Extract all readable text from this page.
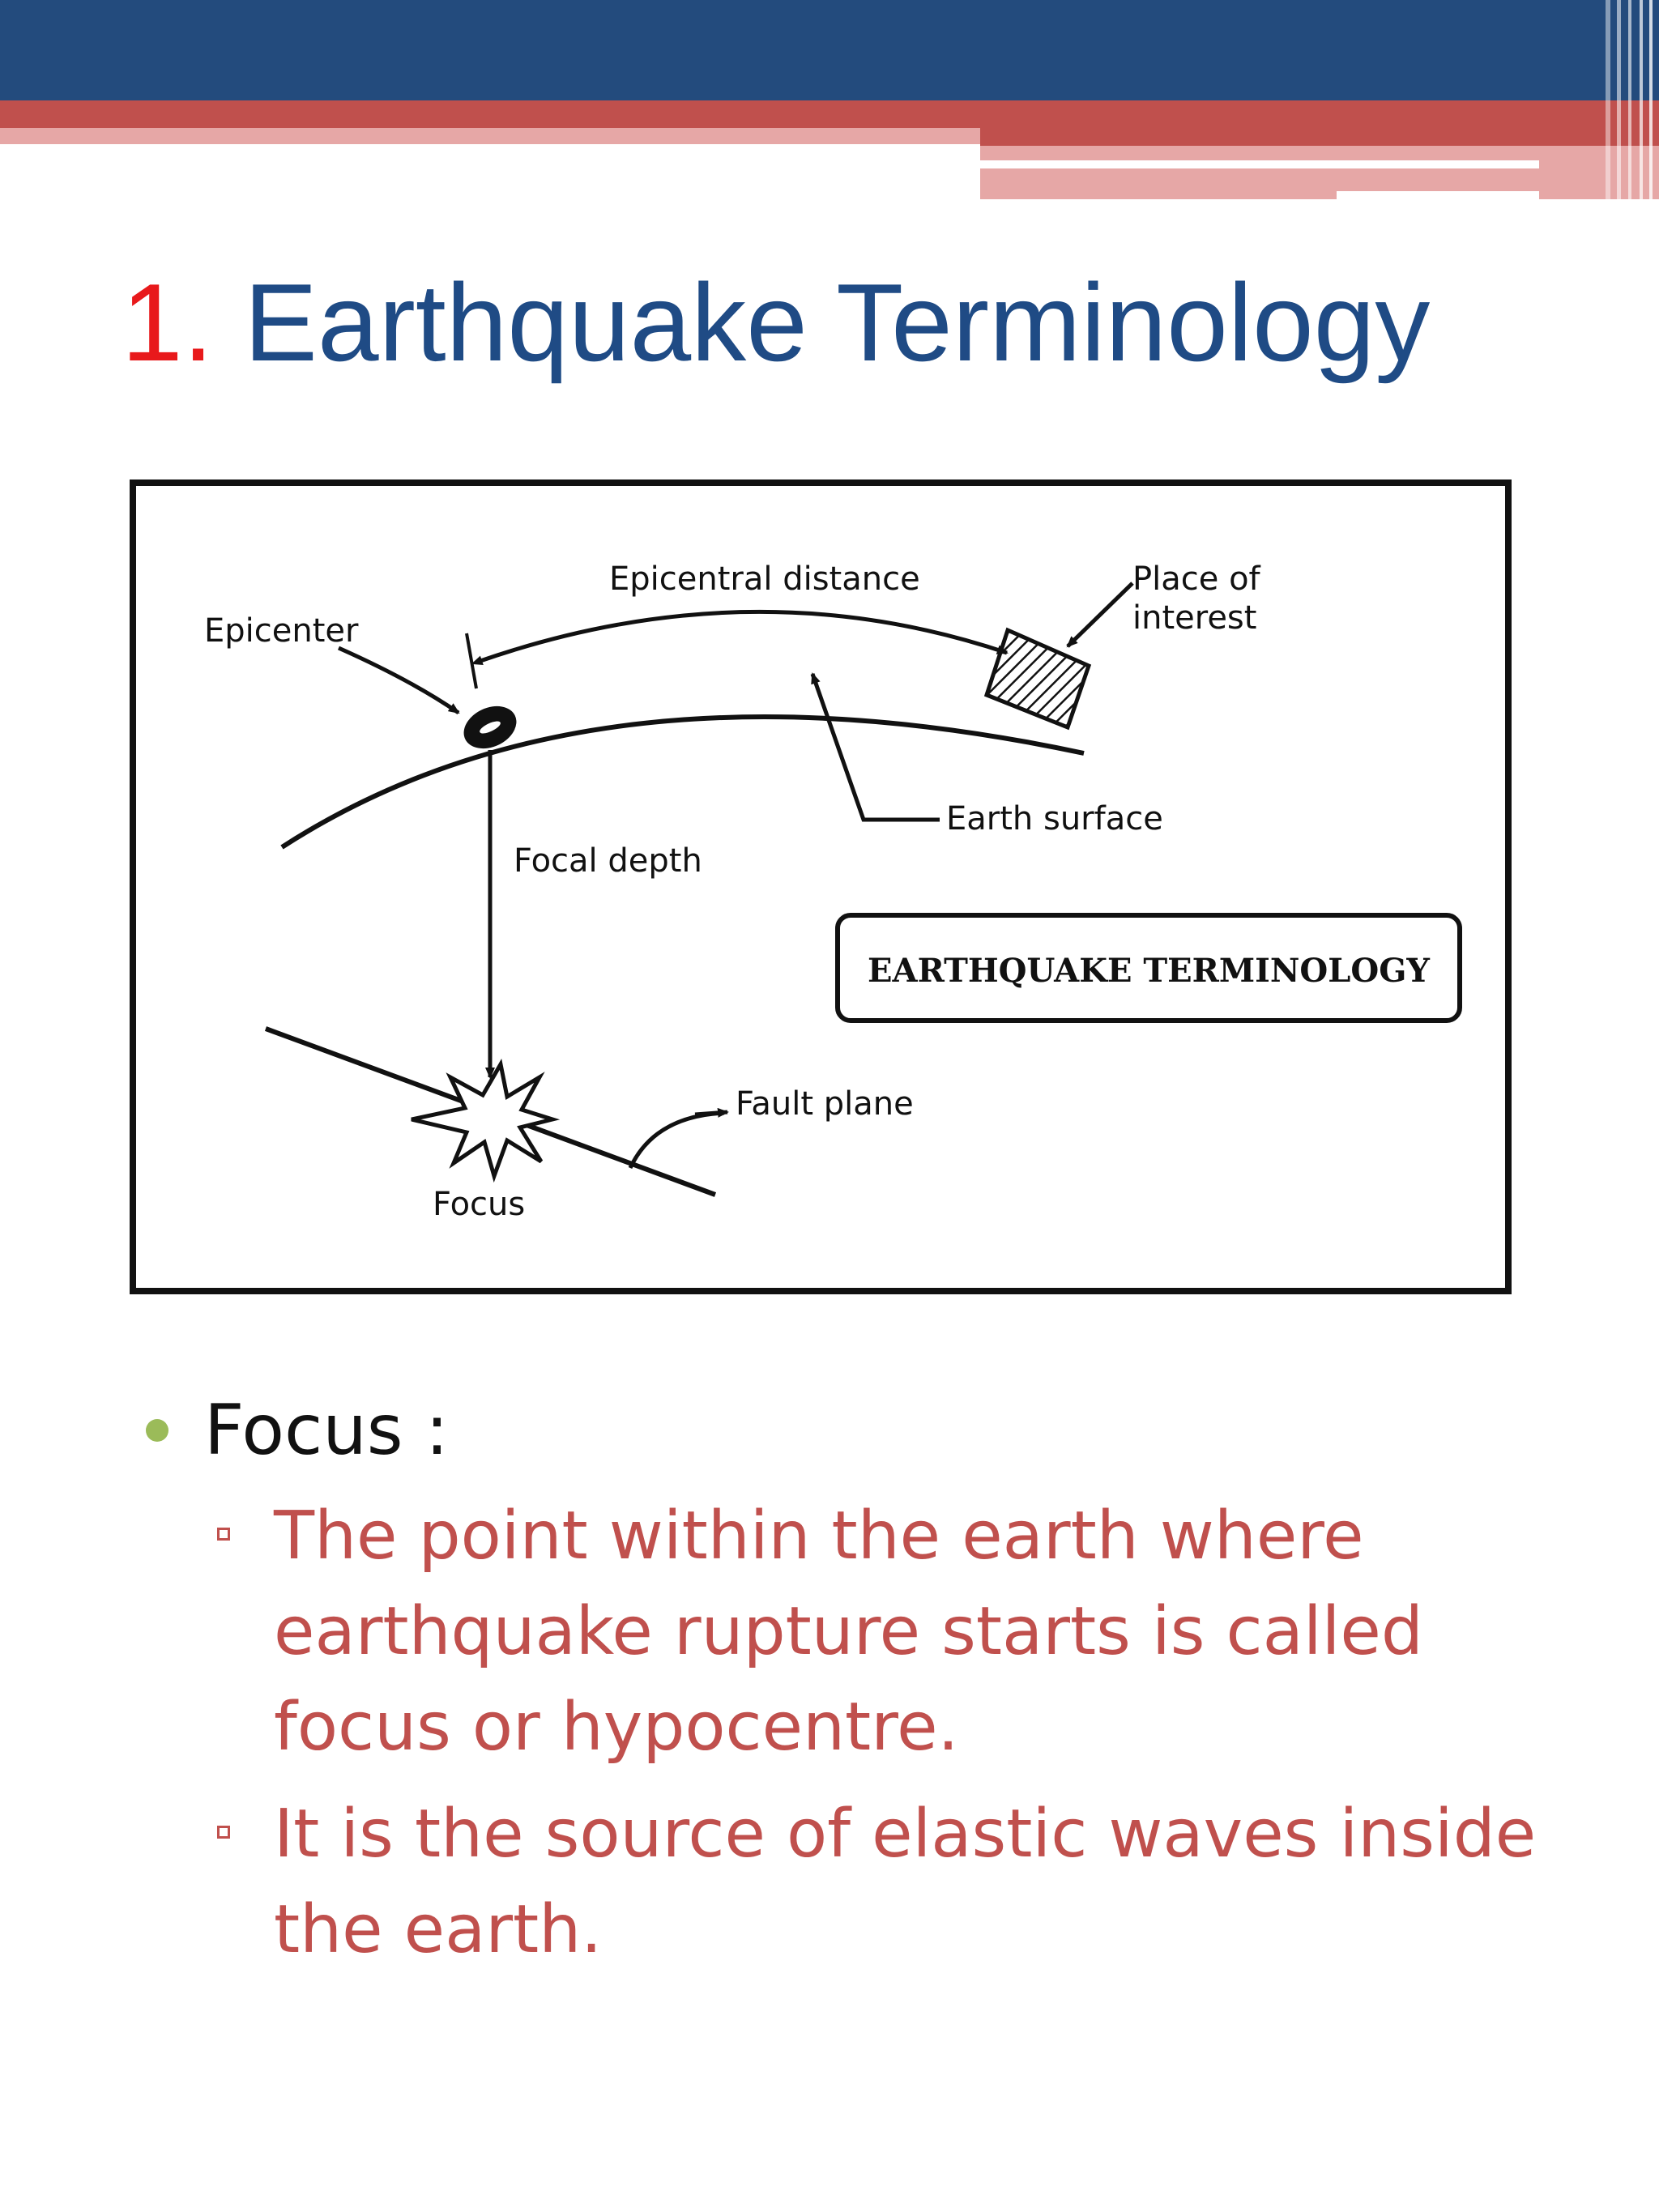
1. Earthquake Terminology
Epicentral distance	Place of
interest
Epicenter
Earth surface
Focal depth
EARTHQUAKE TERMINOLOGY
Fault plane
Focus
Focus :
The point within the earth where earthquake rupture starts is called focus or hypocentre.
It is the source of elastic waves inside the earth.
